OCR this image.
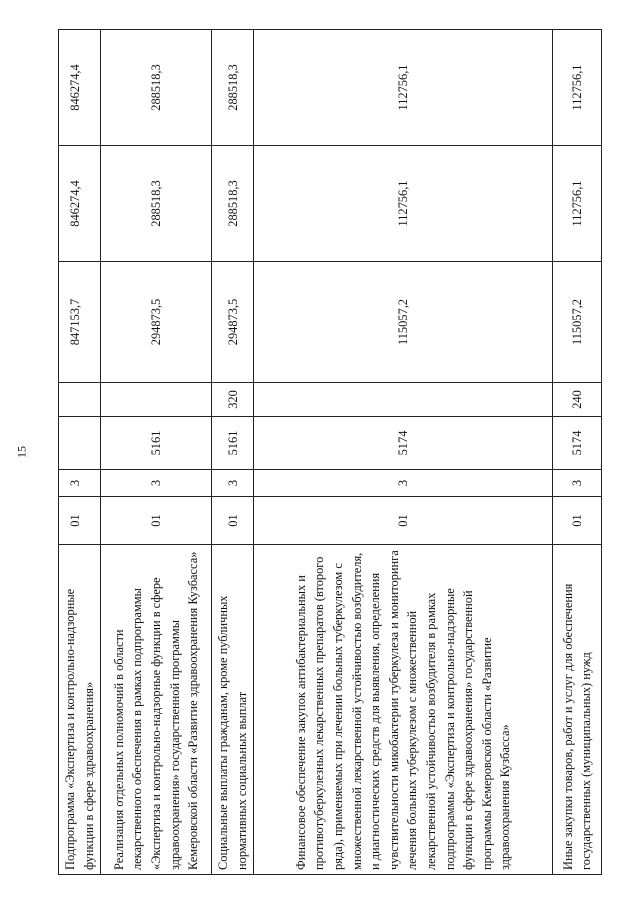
15
Подпрограмма «Экспертиза и контрольно-надзорные функции в сфере здравоохранения»	01	3			847153,7	846274,4	846274,4
Реализация отдельных полномочий в области лекарственного обеспечения в рамках подпрограммы «Экспертиза и контрольно-надзорные функции в сфере здравоохранения» государственной программы Кемеровской области «Развитие здравоохранения Кузбасса»	01	3	5161		294873,5	288518,3	288518,3
Социальные выплаты гражданам, кроме публичных нормативных социальных выплат	01	3	5161	320	294873,5	288518,3	288518,3
Финансовое обеспечение закупок антибактериальных и противотуберкулезных лекарственных препаратов (второго ряда), применяемых при лечении больных туберкулезом с множественной лекарственной устойчивостью возбудителя, и диагностических средств для выявления, определения чувствительности микобактерии туберкулеза и мониторинга лечения больных туберкулезом с множественной лекарственной устойчивостью возбудителя в рамках подпрограммы «Экспертиза и контрольно-надзорные функции в сфере здравоохранения» государственной программы Кемеровской области «Развитие здравоохранения Кузбасса»	01	3	5174		115057,2	112756,1	112756,1
Иные закупки товаров, работ и услуг для обеспечения государственных (муниципальных) нужд	01	3	5174	240	115057,2	112756,1	112756,1
